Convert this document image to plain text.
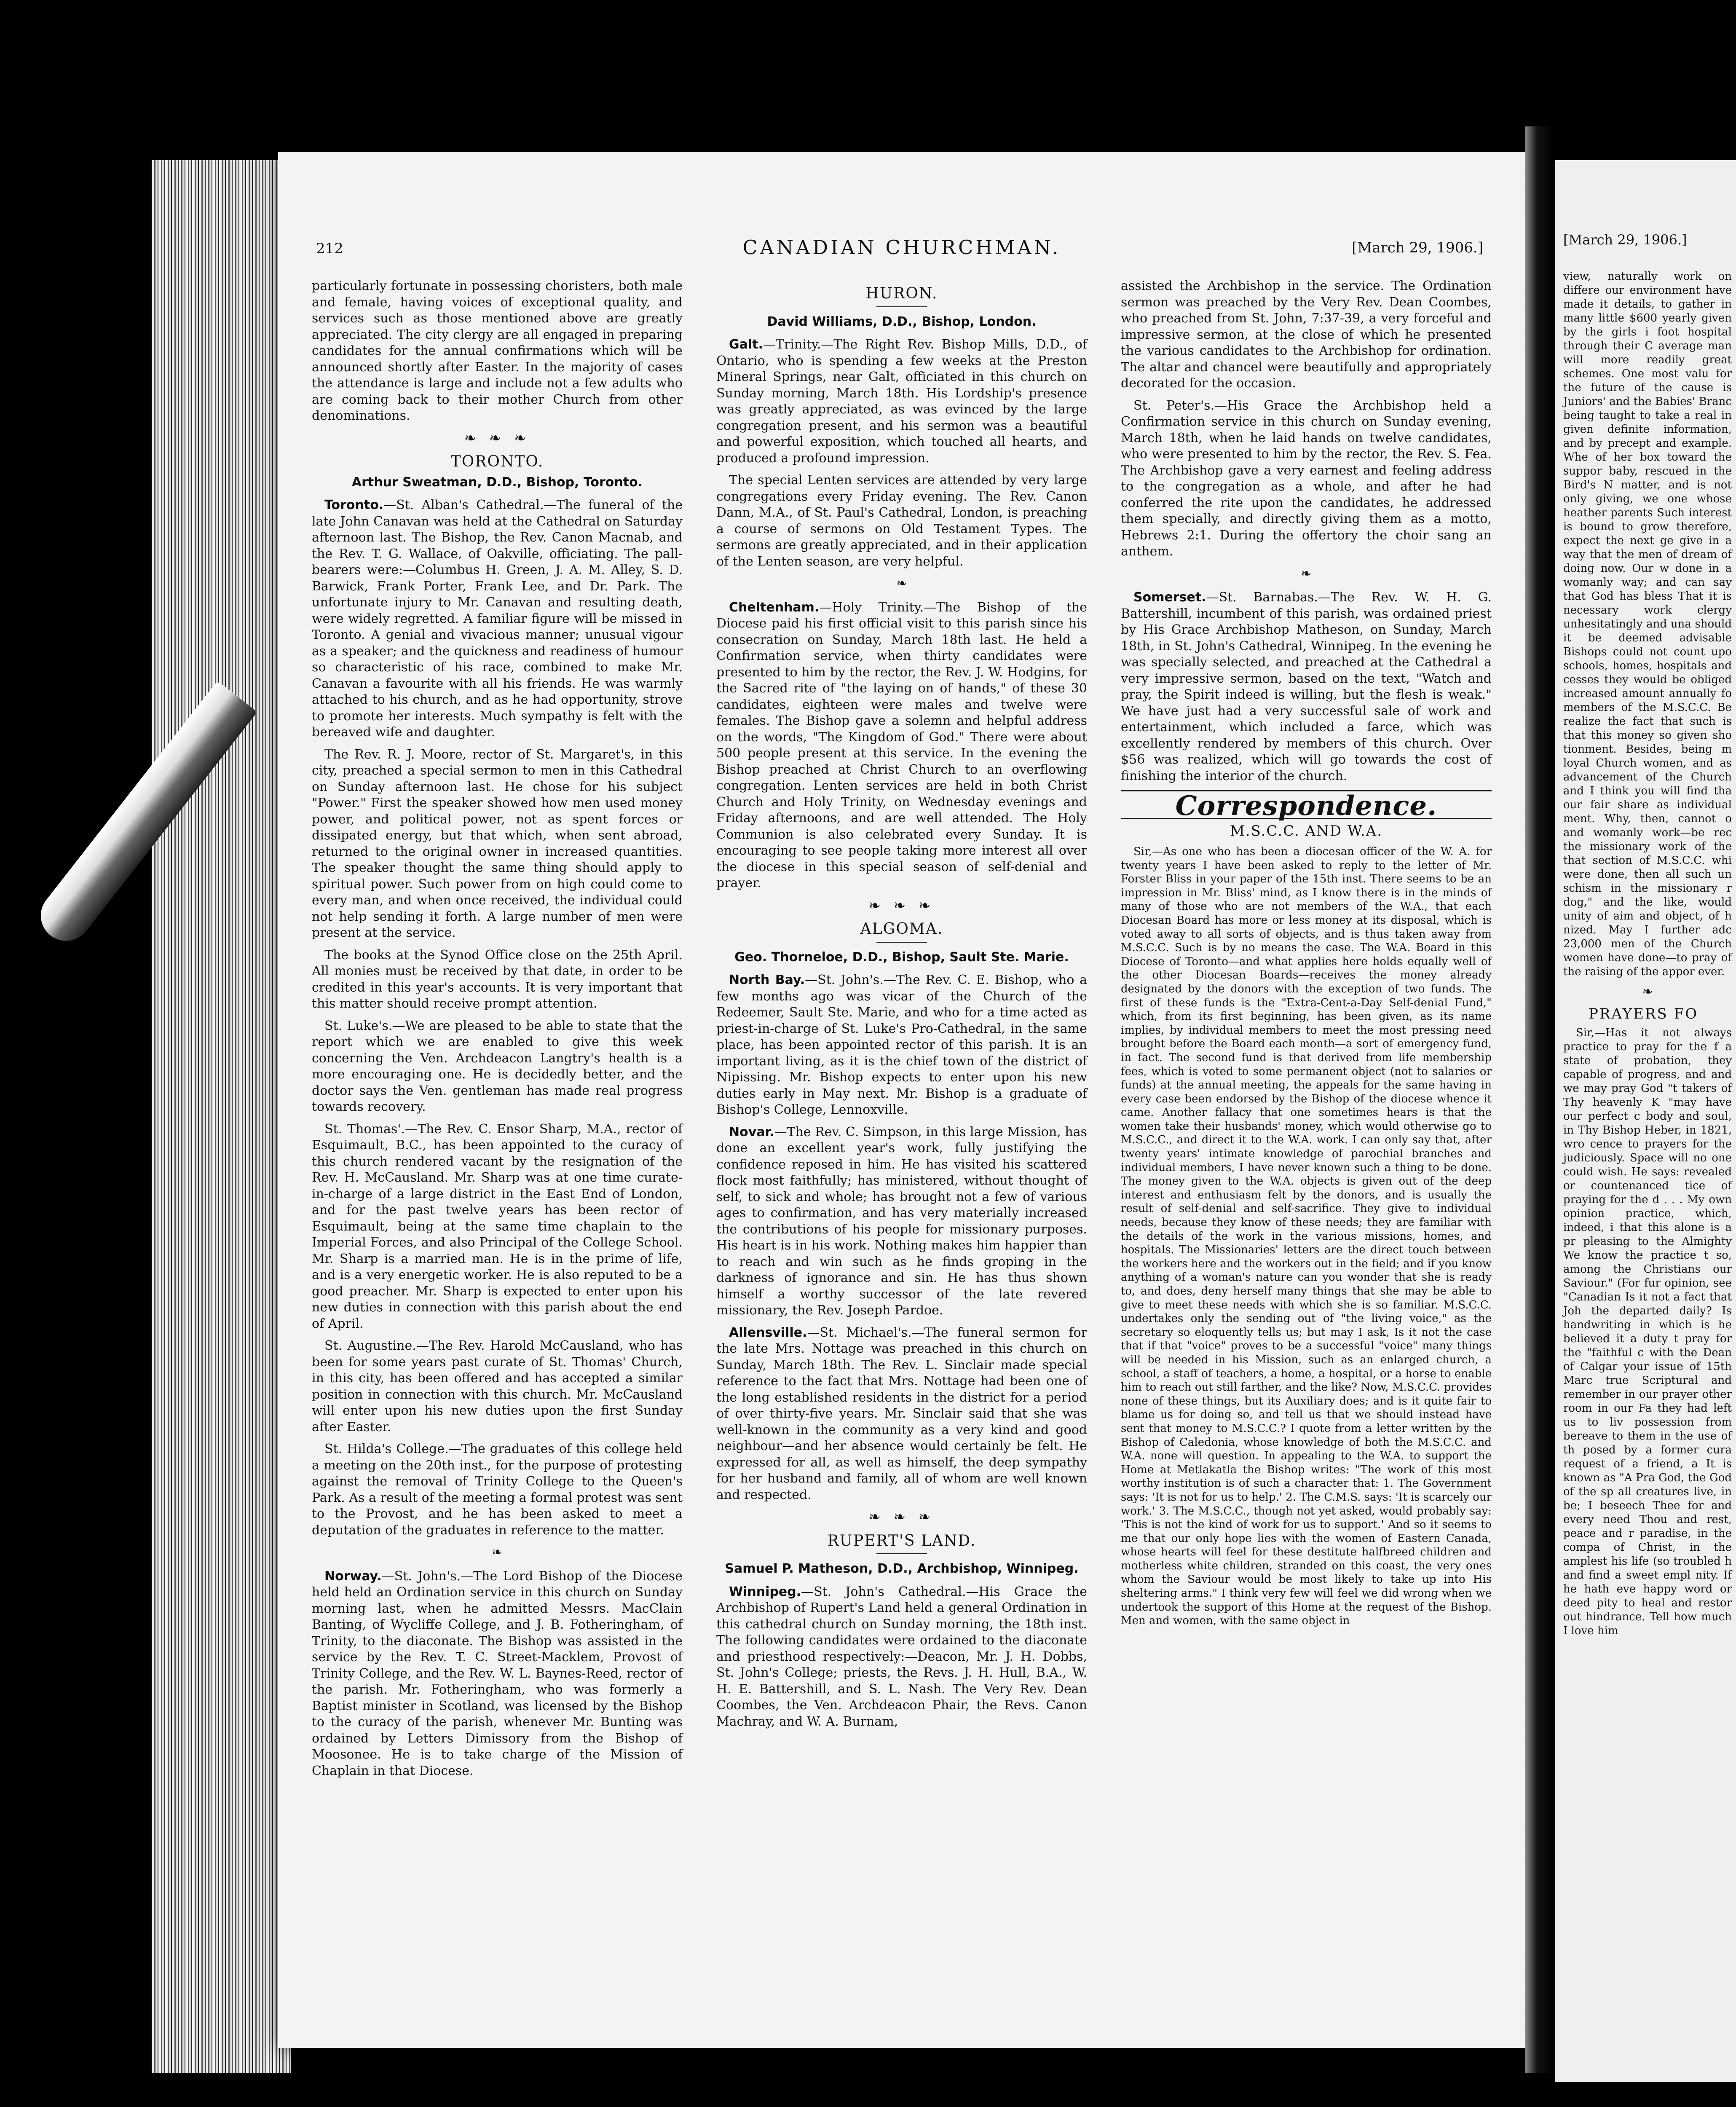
212	CANADIAN CHURCHMAN.	[March 29, 1906.]

particularly fortunate in possessing choristers, both male and female, having voices of exceptional quality, and services such as those mentioned above are greatly appreciated. The city clergy are all engaged in preparing candidates for the annual confirmations which will be announced shortly after Easter. In the majority of cases the attendance is large and include not a few adults who are coming back to their mother Church from other denominations.

❧ ❧ ❧
TORONTO.
Arthur Sweatman, D.D., Bishop, Toronto.

Toronto.—St. Alban's Cathedral.—The funeral of the late John Canavan was held at the Cathedral on Saturday afternoon last. The Bishop, the Rev. Canon Macnab, and the Rev. T. G. Wallace, of Oakville, officiating. The pall-bearers were:—Columbus H. Green, J. A. M. Alley, S. D. Barwick, Frank Porter, Frank Lee, and Dr. Park. The unfortunate injury to Mr. Canavan and resulting death, were widely regretted. A familiar figure will be missed in Toronto. A genial and vivacious manner; unusual vigour as a speaker; and the quickness and readiness of humour so characteristic of his race, combined to make Mr. Canavan a favourite with all his friends. He was warmly attached to his church, and as he had opportunity, strove to promote her interests. Much sympathy is felt with the bereaved wife and daughter.

The Rev. R. J. Moore, rector of St. Margaret's, in this city, preached a special sermon to men in this Cathedral on Sunday afternoon last. He chose for his subject "Power." First the speaker showed how men used money power, and political power, not as spent forces or dissipated energy, but that which, when sent abroad, returned to the original owner in increased quantities. The speaker thought the same thing should apply to spiritual power. Such power from on high could come to every man, and when once received, the individual could not help sending it forth. A large number of men were present at the service.

The books at the Synod Office close on the 25th April. All monies must be received by that date, in order to be credited in this year's accounts. It is very important that this matter should receive prompt attention.

St. Luke's.—We are pleased to be able to state that the report which we are enabled to give this week concerning the Ven. Archdeacon Langtry's health is a more encouraging one. He is decidedly better, and the doctor says the Ven. gentleman has made real progress towards recovery.

St. Thomas'.—The Rev. C. Ensor Sharp, M.A., rector of Esquimault, B.C., has been appointed to the curacy of this church rendered vacant by the resignation of the Rev. H. McCausland. Mr. Sharp was at one time curate-in-charge of a large district in the East End of London, and for the past twelve years has been rector of Esquimault, being at the same time chaplain to the Imperial Forces, and also Principal of the College School. Mr. Sharp is a married man. He is in the prime of life, and is a very energetic worker. He is also reputed to be a good preacher. Mr. Sharp is expected to enter upon his new duties in connection with this parish about the end of April.

St. Augustine.—The Rev. Harold McCausland, who has been for some years past curate of St. Thomas' Church, in this city, has been offered and has accepted a similar position in connection with this church. Mr. McCausland will enter upon his new duties upon the first Sunday after Easter.

St. Hilda's College.—The graduates of this college held a meeting on the 20th inst., for the purpose of protesting against the removal of Trinity College to the Queen's Park. As a result of the meeting a formal protest was sent to the Provost, and he has been asked to meet a deputation of the graduates in reference to the matter.

❧

Norway.—St. John's.—The Lord Bishop of the Diocese held held an Ordination service in this church on Sunday morning last, when he admitted Messrs. MacClain Banting, of Wycliffe College, and J. B. Fotheringham, of Trinity, to the diaconate. The Bishop was assisted in the service by the Rev. T. C. Street-Macklem, Provost of Trinity College, and the Rev. W. L. Baynes-Reed, rector of the parish. Mr. Fotheringham, who was formerly a Baptist minister in Scotland, was licensed by the Bishop to the curacy of the parish, whenever Mr. Bunting was ordained by Letters Dimissory from the Bishop of Moosonee. He is to take charge of the Mission of Chaplain in that Diocese.

HURON.
David Williams, D.D., Bishop, London.

Galt.—Trinity.—The Right Rev. Bishop Mills, D.D., of Ontario, who is spending a few weeks at the Preston Mineral Springs, near Galt, officiated in this church on Sunday morning, March 18th. His Lordship's presence was greatly appreciated, as was evinced by the large congregation present, and his sermon was a beautiful and powerful exposition, which touched all hearts, and produced a profound impression.

The special Lenten services are attended by very large congregations every Friday evening. The Rev. Canon Dann, M.A., of St. Paul's Cathedral, London, is preaching a course of sermons on Old Testament Types. The sermons are greatly appreciated, and in their application of the Lenten season, are very helpful.

❧

Cheltenham.—Holy Trinity.—The Bishop of the Diocese paid his first official visit to this parish since his consecration on Sunday, March 18th last. He held a Confirmation service, when thirty candidates were presented to him by the rector, the Rev. J. W. Hodgins, for the Sacred rite of "the laying on of hands," of these 30 candidates, eighteen were males and twelve were females. The Bishop gave a solemn and helpful address on the words, "The Kingdom of God." There were about 500 people present at this service. In the evening the Bishop preached at Christ Church to an overflowing congregation. Lenten services are held in both Christ Church and Holy Trinity, on Wednesday evenings and Friday afternoons, and are well attended. The Holy Communion is also celebrated every Sunday. It is encouraging to see people taking more interest all over the diocese in this special season of self-denial and prayer.

❧ ❧ ❧
ALGOMA.
Geo. Thorneloe, D.D., Bishop, Sault Ste. Marie.

North Bay.—St. John's.—The Rev. C. E. Bishop, who a few months ago was vicar of the Church of the Redeemer, Sault Ste. Marie, and who for a time acted as priest-in-charge of St. Luke's Pro-Cathedral, in the same place, has been appointed rector of this parish. It is an important living, as it is the chief town of the district of Nipissing. Mr. Bishop expects to enter upon his new duties early in May next. Mr. Bishop is a graduate of Bishop's College, Lennoxville.

Novar.—The Rev. C. Simpson, in this large Mission, has done an excellent year's work, fully justifying the confidence reposed in him. He has visited his scattered flock most faithfully; has ministered, without thought of self, to sick and whole; has brought not a few of various ages to confirmation, and has very materially increased the contributions of his people for missionary purposes. His heart is in his work. Nothing makes him happier than to reach and win such as he finds groping in the darkness of ignorance and sin. He has thus shown himself a worthy successor of the late revered missionary, the Rev. Joseph Pardoe.

Allensville.—St. Michael's.—The funeral sermon for the late Mrs. Nottage was preached in this church on Sunday, March 18th. The Rev. L. Sinclair made special reference to the fact that Mrs. Nottage had been one of the long established residents in the district for a period of over thirty-five years. Mr. Sinclair said that she was well-known in the community as a very kind and good neighbour—and her absence would certainly be felt. He expressed for all, as well as himself, the deep sympathy for her husband and family, all of whom are well known and respected.

❧ ❧ ❧
RUPERT'S LAND.
Samuel P. Matheson, D.D., Archbishop, Winnipeg.

Winnipeg.—St. John's Cathedral.—His Grace the Archbishop of Rupert's Land held a general Ordination in this cathedral church on Sunday morning, the 18th inst. The following candidates were ordained to the diaconate and priesthood respectively:—Deacon, Mr. J. H. Dobbs, St. John's College; priests, the Revs. J. H. Hull, B.A., W. H. E. Battershill, and S. L. Nash. The Very Rev. Dean Coombes, the Ven. Archdeacon Phair, the Revs. Canon Machray, and W. A. Burnam,

assisted the Archbishop in the service. The Ordination sermon was preached by the Very Rev. Dean Coombes, who preached from St. John, 7:37-39, a very forceful and impressive sermon, at the close of which he presented the various candidates to the Archbishop for ordination. The altar and chancel were beautifully and appropriately decorated for the occasion.

St. Peter's.—His Grace the Archbishop held a Confirmation service in this church on Sunday evening, March 18th, when he laid hands on twelve candidates, who were presented to him by the rector, the Rev. S. Fea. The Archbishop gave a very earnest and feeling address to the congregation as a whole, and after he had conferred the rite upon the candidates, he addressed them specially, and directly giving them as a motto, Hebrews 2:1. During the offertory the choir sang an anthem.

❧

Somerset.—St. Barnabas.—The Rev. W. H. G. Battershill, incumbent of this parish, was ordained priest by His Grace Archbishop Matheson, on Sunday, March 18th, in St. John's Cathedral, Winnipeg. In the evening he was specially selected, and preached at the Cathedral a very impressive sermon, based on the text, "Watch and pray, the Spirit indeed is willing, but the flesh is weak." We have just had a very successful sale of work and entertainment, which included a farce, which was excellently rendered by members of this church. Over $56 was realized, which will go towards the cost of finishing the interior of the church.

Correspondence.
M.S.C.C. AND W.A.

Sir,—As one who has been a diocesan officer of the W. A. for twenty years I have been asked to reply to the letter of Mr. Forster Bliss in your paper of the 15th inst. There seems to be an impression in Mr. Bliss' mind, as I know there is in the minds of many of those who are not members of the W.A., that each Diocesan Board has more or less money at its disposal, which is voted away to all sorts of objects, and is thus taken away from M.S.C.C. Such is by no means the case. The W.A. Board in this Diocese of Toronto—and what applies here holds equally well of the other Diocesan Boards—receives the money already designated by the donors with the exception of two funds. The first of these funds is the "Extra-Cent-a-Day Self-denial Fund," which, from its first beginning, has been given, as its name implies, by individual members to meet the most pressing need brought before the Board each month—a sort of emergency fund, in fact. The second fund is that derived from life membership fees, which is voted to some permanent object (not to salaries or funds) at the annual meeting, the appeals for the same having in every case been endorsed by the Bishop of the diocese whence it came. Another fallacy that one sometimes hears is that the women take their husbands' money, which would otherwise go to M.S.C.C., and direct it to the W.A. work. I can only say that, after twenty years' intimate knowledge of parochial branches and individual members, I have never known such a thing to be done. The money given to the W.A. objects is given out of the deep interest and enthusiasm felt by the donors, and is usually the result of self-denial and self-sacrifice. They give to individual needs, because they know of these needs; they are familiar with the details of the work in the various missions, homes, and hospitals. The Missionaries' letters are the direct touch between the workers here and the workers out in the field; and if you know anything of a woman's nature can you wonder that she is ready to, and does, deny herself many things that she may be able to give to meet these needs with which she is so familiar. M.S.C.C. undertakes only the sending out of "the living voice," as the secretary so eloquently tells us; but may I ask, Is it not the case that if that "voice" proves to be a successful "voice" many things will be needed in his Mission, such as an enlarged church, a school, a staff of teachers, a home, a hospital, or a horse to enable him to reach out still farther, and the like? Now, M.S.C.C. provides none of these things, but its Auxiliary does; and is it quite fair to blame us for doing so, and tell us that we should instead have sent that money to M.S.C.C.? I quote from a letter written by the Bishop of Caledonia, whose knowledge of both the M.S.C.C. and W.A. none will question. In appealing to the W.A. to support the Home at Metlakatla the Bishop writes: "The work of this most worthy institution is of such a character that: 1. The Government says: 'It is not for us to help.' 2. The C.M.S. says: 'It is scarcely our work.' 3. The M.S.C.C., though not yet asked, would probably say: 'This is not the kind of work for us to support.' And so it seems to me that our only hope lies with the women of Eastern Canada, whose hearts will feel for these destitute halfbreed children and motherless white children, stranded on this coast, the very ones whom the Saviour would be most likely to take up into His sheltering arms." I think very few will feel we did wrong when we undertook the support of this Home at the request of the Bishop. Men and women, with the same object in

[March 29, 1906.]

view, naturally work on differe our environment have made it details, to gather in many little $600 yearly given by the girls i foot hospital through their C average man will more readily great schemes. One most valu for the future of the cause is Juniors' and the Babies' Branc being taught to take a real in given definite information, and by precept and example. Whe of her box toward the suppor baby, rescued in the Bird's N matter, and is not only giving, we one whose heather parents Such interest is bound to grow therefore, expect the next ge give in a way that the men of dream of doing now. Our w done in a womanly way; and can say that God has bless That it is necessary work clergy unhesitatingly and una should it be deemed advisable Bishops could not count upo schools, homes, hospitals and cesses they would be obliged increased amount annually fo members of the M.S.C.C. Be realize the fact that such is that this money so given sho tionment. Besides, being m loyal Church women, and as advancement of the Church and I think you will find tha our fair share as individual ment. Why, then, cannot o and womanly work—be rec the missionary work of the that section of M.S.C.C. whi were done, then all such un schism in the missionary r dog," and the like, would unity of aim and object, of h nized. May I further adc 23,000 men of the Church women have done—to pray of the raising of the appor ever.

❧
PRAYERS FO

Sir,—Has it not always practice to pray for the f a state of probation, they capable of progress, and and we may pray God "t takers of Thy heavenly K "may have our perfect c body and soul, in Thy Bishop Heber, in 1821, wro cence to prayers for the judiciously. Space will no one could wish. He says: revealed or countenanced tice of praying for the d . . . My own opinion practice, which, indeed, i that this alone is a pr pleasing to the Almighty We know the practice t so, among the Christians our Saviour." (For fur opinion, see "Canadian Is it not a fact that Joh the departed daily? Is handwriting in which is he believed it a duty t pray for the "faithful c with the Dean of Calgar your issue of 15th Marc true Scriptural and remember in our prayer other room in our Fa they had left us to liv possession from bereave to them in the use of th posed by a former cura request of a friend, a It is known as "A Pra God, the God of the sp all creatures live, in be; I beseech Thee for and every need Thou and rest, peace and r paradise, in the compa of Christ, in the amplest his life (so troubled h and find a sweet empl nity. If he hath eve happy word or deed pity to heal and restor out hindrance. Tell how much I love him
